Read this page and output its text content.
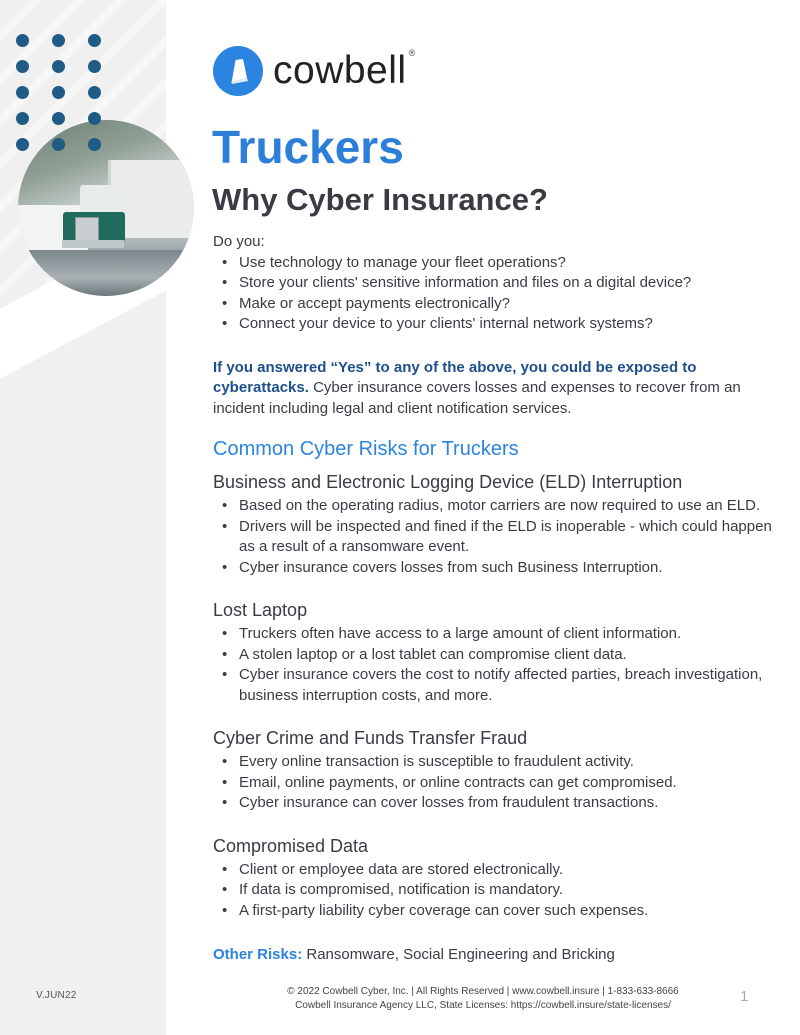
V.JUN22
cowbell ®
Truckers
Why Cyber Insurance?

Do you:

• Use technology to manage your fleet operations?
• Store your clients' sensitive information and files on a digital device?
• Make or accept payments electronically?
• Connect your device to your clients' internal network systems?

If you answered “Yes” to any of the above, you could be exposed to cyberattacks. Cyber insurance covers losses and expenses to recover from an incident including legal and client notification services.

Common Cyber Risks for Truckers
Business and Electronic Logging Device (ELD) Interruption
• Based on the operating radius, motor carriers are now required to use an ELD.
• Drivers will be inspected and fined if the ELD is inoperable - which could happen as a result of a ransomware event.
• Cyber insurance covers losses from such Business Interruption.
Lost Laptop
• Truckers often have access to a large amount of client information.
• A stolen laptop or a lost tablet can compromise client data.
• Cyber insurance covers the cost to notify affected parties, breach investigation, business interruption costs, and more.
Cyber Crime and Funds Transfer Fraud
• Every online transaction is susceptible to fraudulent activity.
• Email, online payments, or online contracts can get compromised.
• Cyber insurance can cover losses from fraudulent transactions.
Compromised Data
• Client or employee data are stored electronically.
• If data is compromised, notification is mandatory.
• A first-party liability cyber coverage can cover such expenses.

Other Risks: Ransomware, Social Engineering and Bricking

© 2022 Cowbell Cyber, Inc. | All Rights Reserved | www.cowbell.insure | 1-833-633-8666
Cowbell Insurance Agency LLC, State Licenses: https://cowbell.insure/state-licenses/
1
